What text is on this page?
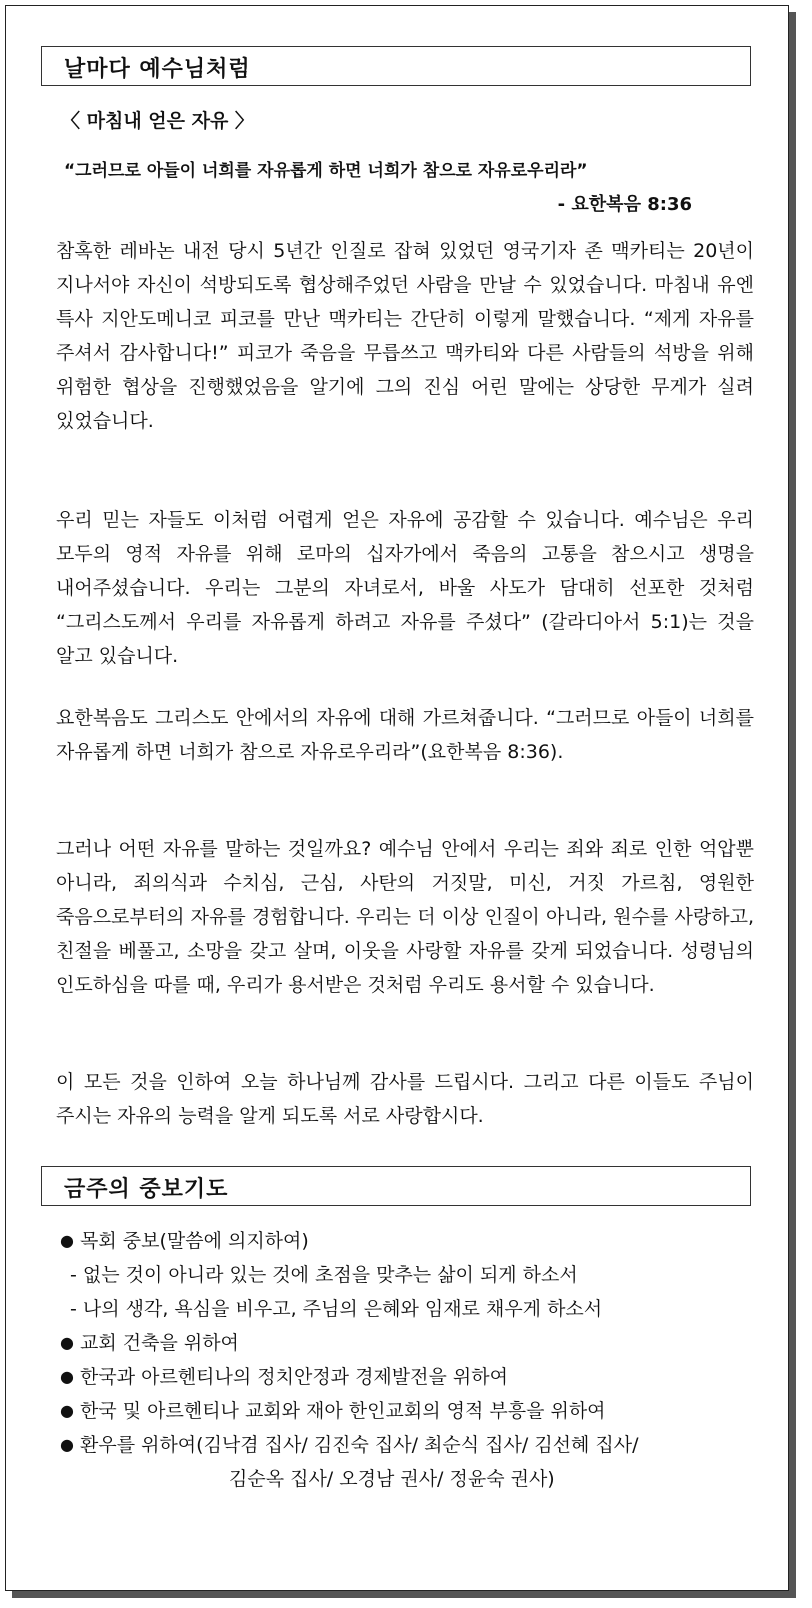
날마다 예수님처럼
〈 마침내 얻은 자유 〉
“그러므로 아들이 너희를 자유롭게 하면 너희가 참으로 자유로우리라”
- 요한복음 8:36

참혹한 레바논 내전 당시 5년간 인질로 잡혀 있었던 영국기자 존 맥카티는 20년이 지나서야 자신이 석방되도록 협상해주었던 사람을 만날 수 있었습니다. 마침내 유엔 특사 지안도메니코 피코를 만난 맥카티는 간단히 이렇게 말했습니다. “제게 자유를 주셔서 감사합니다!” 피코가 죽음을 무릅쓰고 맥카티와 다른 사람들의 석방을 위해 위험한 협상을 진행했었음을 알기에 그의 진심 어린 말에는 상당한 무게가 실려 있었습니다.

우리 믿는 자들도 이처럼 어렵게 얻은 자유에 공감할 수 있습니다. 예수님은 우리 모두의 영적 자유를 위해 로마의 십자가에서 죽음의 고통을 참으시고 생명을 내어주셨습니다. 우리는 그분의 자녀로서, 바울 사도가 담대히 선포한 것처럼 “그리스도께서 우리를 자유롭게 하려고 자유를 주셨다” (갈라디아서 5:1)는 것을 알고 있습니다.

요한복음도 그리스도 안에서의 자유에 대해 가르쳐줍니다. “그러므로 아들이 너희를 자유롭게 하면 너희가 참으로 자유로우리라”(요한복음 8:36).

그러나 어떤 자유를 말하는 것일까요? 예수님 안에서 우리는 죄와 죄로 인한 억압뿐 아니라, 죄의식과 수치심, 근심, 사탄의 거짓말, 미신, 거짓 가르침, 영원한 죽음으로부터의 자유를 경험합니다. 우리는 더 이상 인질이 아니라, 원수를 사랑하고, 친절을 베풀고, 소망을 갖고 살며, 이웃을 사랑할 자유를 갖게 되었습니다. 성령님의 인도하심을 따를 때, 우리가 용서받은 것처럼 우리도 용서할 수 있습니다.

이 모든 것을 인하여 오늘 하나님께 감사를 드립시다. 그리고 다른 이들도 주님이 주시는 자유의 능력을 알게 되도록 서로 사랑합시다.

금주의 중보기도
● 목회 중보(말씀에 의지하여)
- 없는 것이 아니라 있는 것에 초점을 맞추는 삶이 되게 하소서
- 나의 생각, 욕심을 비우고, 주님의 은혜와 임재로 채우게 하소서
● 교회 건축을 위하여
● 한국과 아르헨티나의 정치안정과 경제발전을 위하여
● 한국 및 아르헨티나 교회와 재아 한인교회의 영적 부흥을 위하여
● 환우를 위하여(김낙겸 집사/ 김진숙 집사/ 최순식 집사/ 김선혜 집사/
김순옥 집사/ 오경남 권사/ 정윤숙 권사)
